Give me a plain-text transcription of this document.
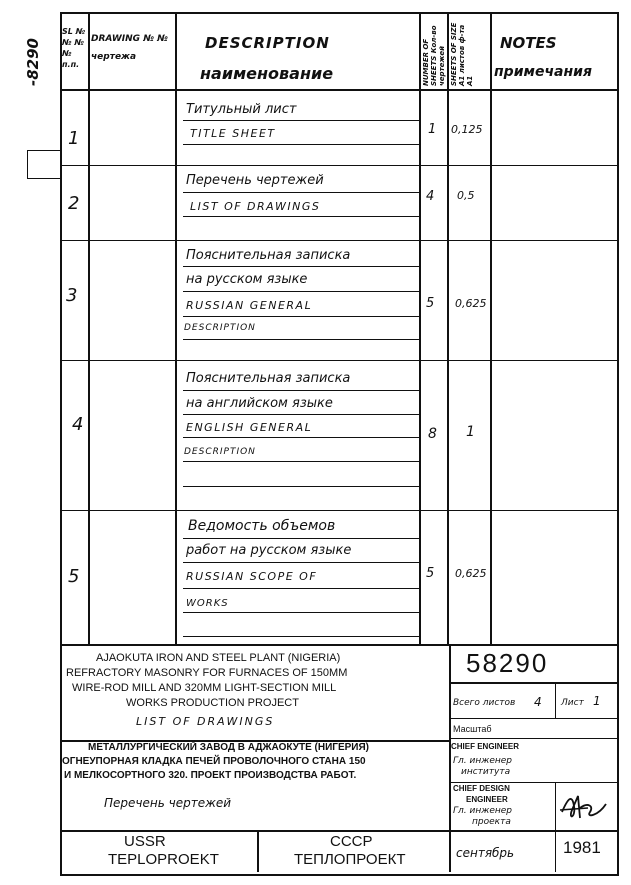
-8290
SL №№ №№ п.п.
DRAWING № № чертежа
DESCRIPTION
наименование	NUMBER OF SHEETS Кол-во чертежей SHEETS OF SIZE A1 листов ф-та А1
NOTES
примечания
1
Титульный лист
TITLE SHEET	1 0,125
2
Перечень чертежей
LIST OF DRAWINGS
4 0,5
3
Пояснительная записка
на русском языке
RUSSIAN GENERAL
DESCRIPTION
5 0,625
4
Пояснительная записка
на английском языке
ENGLISH GENERAL
DESCRIPTION
8 1
5
Ведомость объемов
работ на русском языке
RUSSIAN SCOPE OF
WORKS
5 0,625
AJAOKUTA IRON AND STEEL PLANT (NIGERIA)
REFRACTORY MASONRY FOR FURNACES OF 150MM
WIRE-ROD MILL AND 320MM LIGHT-SECTION MILL
WORKS PRODUCTION PROJECT
LIST OF DRAWINGS
МЕТАЛЛУРГИЧЕСКИЙ ЗАВОД В АДЖАОКУТЕ (НИГЕРИЯ)
ОГНЕУПОРНАЯ КЛАДКА ПЕЧЕЙ ПРОВОЛОЧНОГО СТАНА 150
И МЕЛКОСОРТНОГО 320. ПРОЕКТ ПРОИЗВОДСТВА РАБОТ.
Перечень чертежей
58290
Всего листов 4 Лист 1
Масштаб
CHIEF ENGINEER
Гл. инженер
института
CHIEF DESIGN
ENGINEER
Гл. инженер
проекта
USSR
TEPLOPROEKT
СССР
ТЕПЛОПРОЕКТ	сентябрь	1981
